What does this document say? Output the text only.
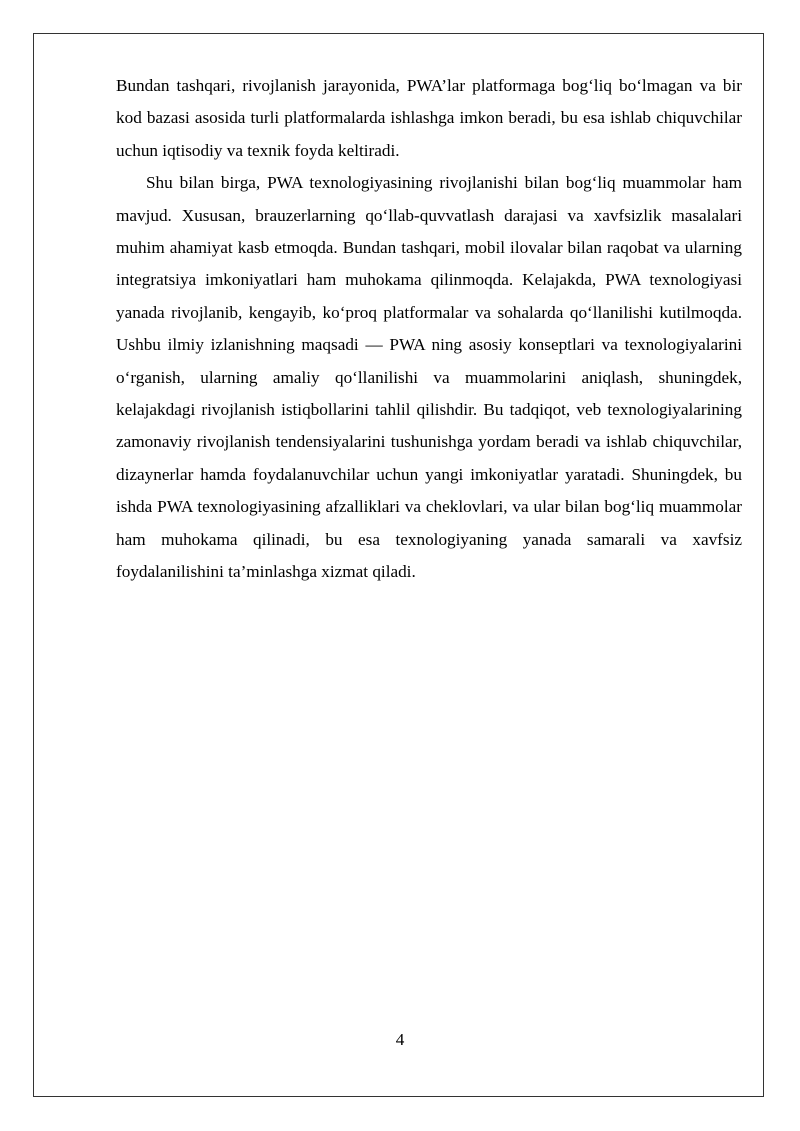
Bundan tashqari, rivojlanish jarayonida, PWA’lar platformaga bog‘liq bo‘lmagan va bir kod bazasi asosida turli platformalarda ishlashga imkon beradi, bu esa ishlab chiquvchilar uchun iqtisodiy va texnik foyda keltiradi.

Shu bilan birga, PWA texnologiyasining rivojlanishi bilan bog‘liq muammolar ham mavjud. Xususan, brauzerlarning qo‘llab-quvvatlash darajasi va xavfsizlik masalalari muhim ahamiyat kasb etmoqda. Bundan tashqari, mobil ilovalar bilan raqobat va ularning integratsiya imkoniyatlari ham muhokama qilinmoqda. Kelajakda, PWA texnologiyasi yanada rivojlanib, kengayib, ko‘proq platformalar va sohalarda qo‘llanilishi kutilmoqda. Ushbu ilmiy izlanishning maqsadi — PWA ning asosiy konseptlari va texnologiyalarini o‘rganish, ularning amaliy qo‘llanilishi va muammolarini aniqlash, shuningdek, kelajakdagi rivojlanish istiqbollarini tahlil qilishdir. Bu tadqiqot, veb texnologiyalarining zamonaviy rivojlanish tendensiyalarini tushunishga yordam beradi va ishlab chiquvchilar, dizaynerlar hamda foydalanuvchilar uchun yangi imkoniyatlar yaratadi. Shuningdek, bu ishda PWA texnologiyasining afzalliklari va cheklovlari, va ular bilan bog‘liq muammolar ham muhokama qilinadi, bu esa texnologiyaning yanada samarali va xavfsiz foydalanilishini ta’minlashga xizmat qiladi.

4
